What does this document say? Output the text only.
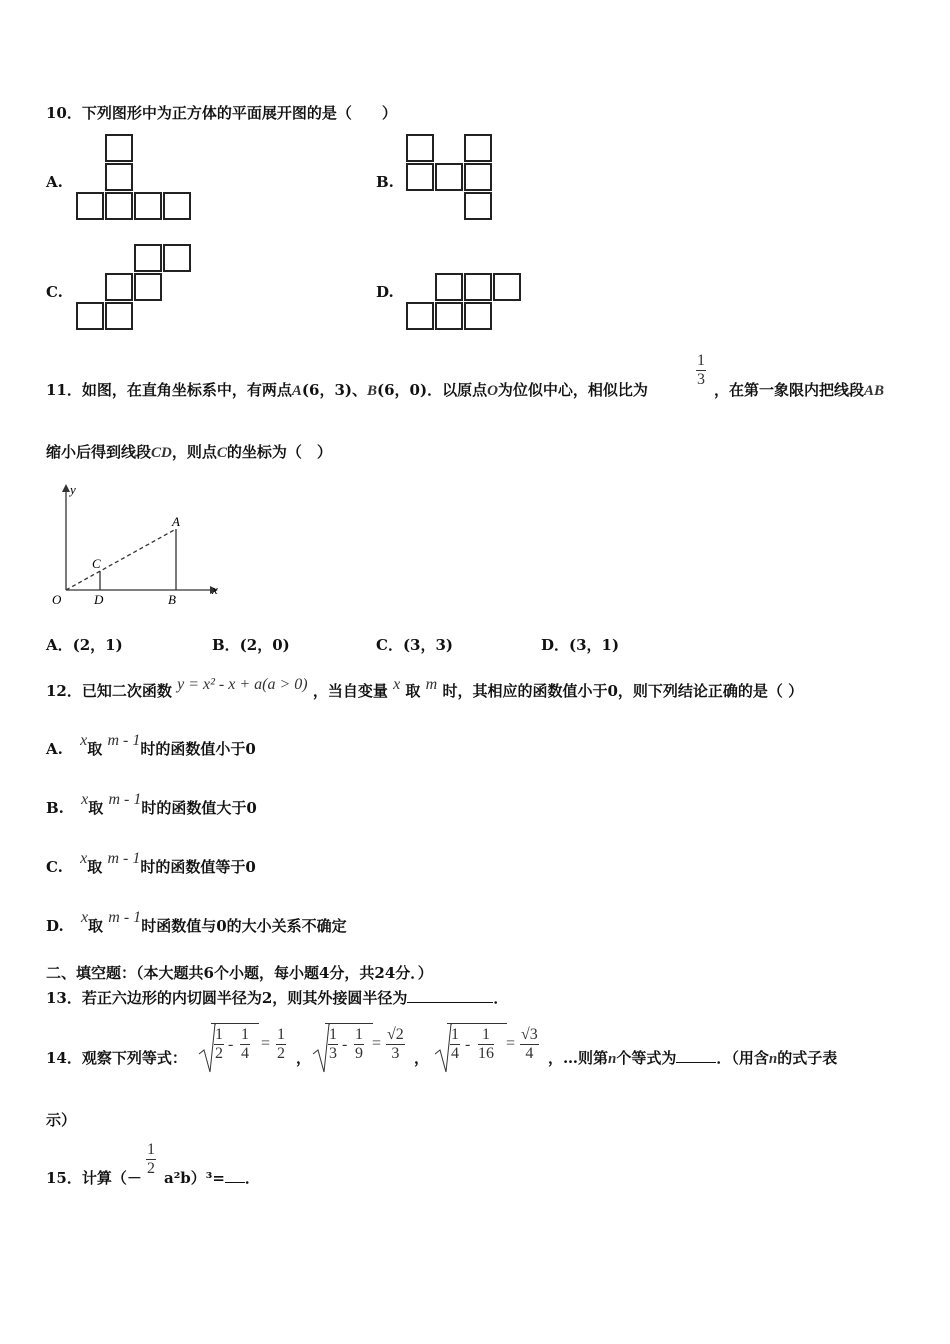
10．下列图形中为正方体的平面展开图的是（　　）
A.	B.
C.	D.
11．如图，在直角坐标系中，有两点A(6，3)、B(6，0)．以原点O为位似中心，相似比为
$\frac{1}{3}$
，在第一象限内把线段AB
缩小后得到线段CD，则点C的坐标为（　）
y
x
O
A
B
C
D
A．(2，1)	B．(2，0)	C．(3，3)	D．(3，1)
12．已知二次函数 y = x² - x + a(a > 0) ，当自变量 x 取 m 时，其相应的函数值小于0，则下列结论正确的是（ ）
A. x取 m - 1时的函数值小于0
B. x取 m - 1时的函数值大于0
C. x取 m - 1时的函数值等于0
D. x取 m - 1时函数值与0的大小关系不确定
二、填空题：（本大题共6个小题，每小题4分，共24分．）
13．若正六边形的内切圆半径为2，则其外接圆半径为	．
14．观察下列等式： $\frac{1}{2} - \frac{1}{4} = \frac{1}{2}$ ， $\frac{1}{3} - \frac{1}{9} = \frac{√2}{3}$ ， $\frac{1}{4} - \frac{1}{16} = \frac{√3}{4}$ ，…则第n个等式为	．（用含n的式子表
示）
15．计算（－ $\frac{1}{2} a^2b)^3=$ ．
